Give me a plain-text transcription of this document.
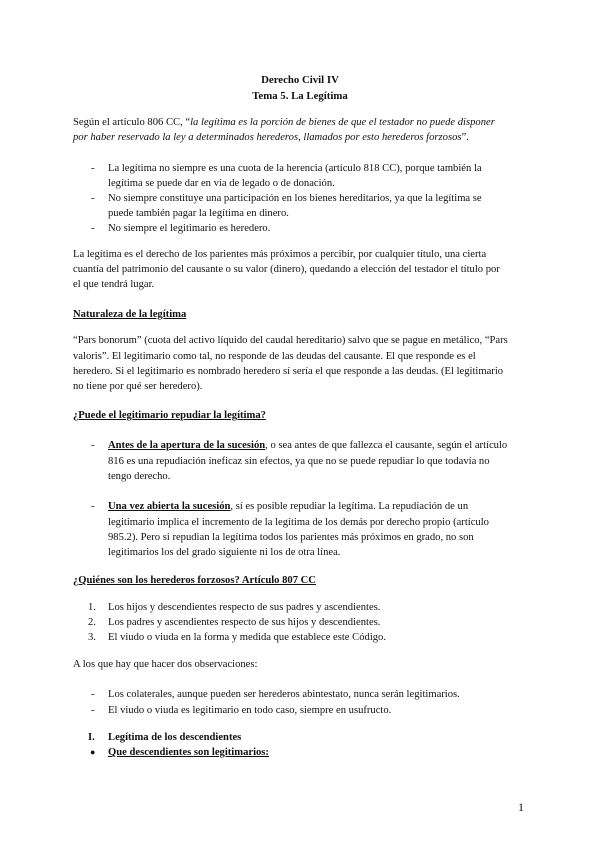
Derecho Civil IV
Tema 5. La Legítima
Según el artículo 806 CC, “la legítima es la porción de bienes de que el testador no puede disponer
por haber reservado la ley a determinados herederos, llamados por esto herederos forzosos”.
- La legítima no siempre es una cuota de la herencia (artículo 818 CC), porque también la
legítima se puede dar en vía de legado o de donación.
- No siempre constituye una participación en los bienes hereditarios, ya que la legítima se
puede también pagar la legítima en dinero.
- No siempre el legitimario es heredero.
La legítima es el derecho de los parientes más próximos a percibir, por cualquier título, una cierta
cuantía del patrimonio del causante o su valor (dinero), quedando a elección del testador el título por
el que tendrá lugar.
Naturaleza de la legítima
“Pars bonorum” (cuota del activo líquido del caudal hereditario) salvo que se pague en metálico, “Pars
valoris”. El legitimario como tal, no responde de las deudas del causante. El que responde es el
heredero. Si el legitimario es nombrado heredero sí sería el que responde a las deudas. (El legitimario
no tiene por qué ser heredero).
¿Puede el legitimario repudiar la legítima?
- Antes de la apertura de la sucesión, o sea antes de que fallezca el causante, según el artículo
816 es una repudiación ineficaz sin efectos, ya que no se puede repudiar lo que todavía no
tengo derecho.
- Una vez abierta la sucesión, sí es posible repudiar la legítima. La repudiación de un
legitimario implica el incremento de la legítima de los demás por derecho propio (artículo
985.2). Pero si repudian la legítima todos los parientes más próximos en grado, no son
legitimarios los del grado siguiente ni los de otra línea.
¿Quiénes son los herederos forzosos? Artículo 807 CC
1. Los hijos y descendientes respecto de sus padres y ascendientes.
2. Los padres y ascendientes respecto de sus hijos y descendientes.
3. El viudo o viuda en la forma y medida que establece este Código.
A los que hay que hacer dos observaciones:
- Los colaterales, aunque pueden ser herederos abintestato, nunca serán legitimarios.
- El viudo o viuda es legitimario en todo caso, siempre en usufructo.
I. Legítima de los descendientes
● Que descendientes son legitimarios:
1
